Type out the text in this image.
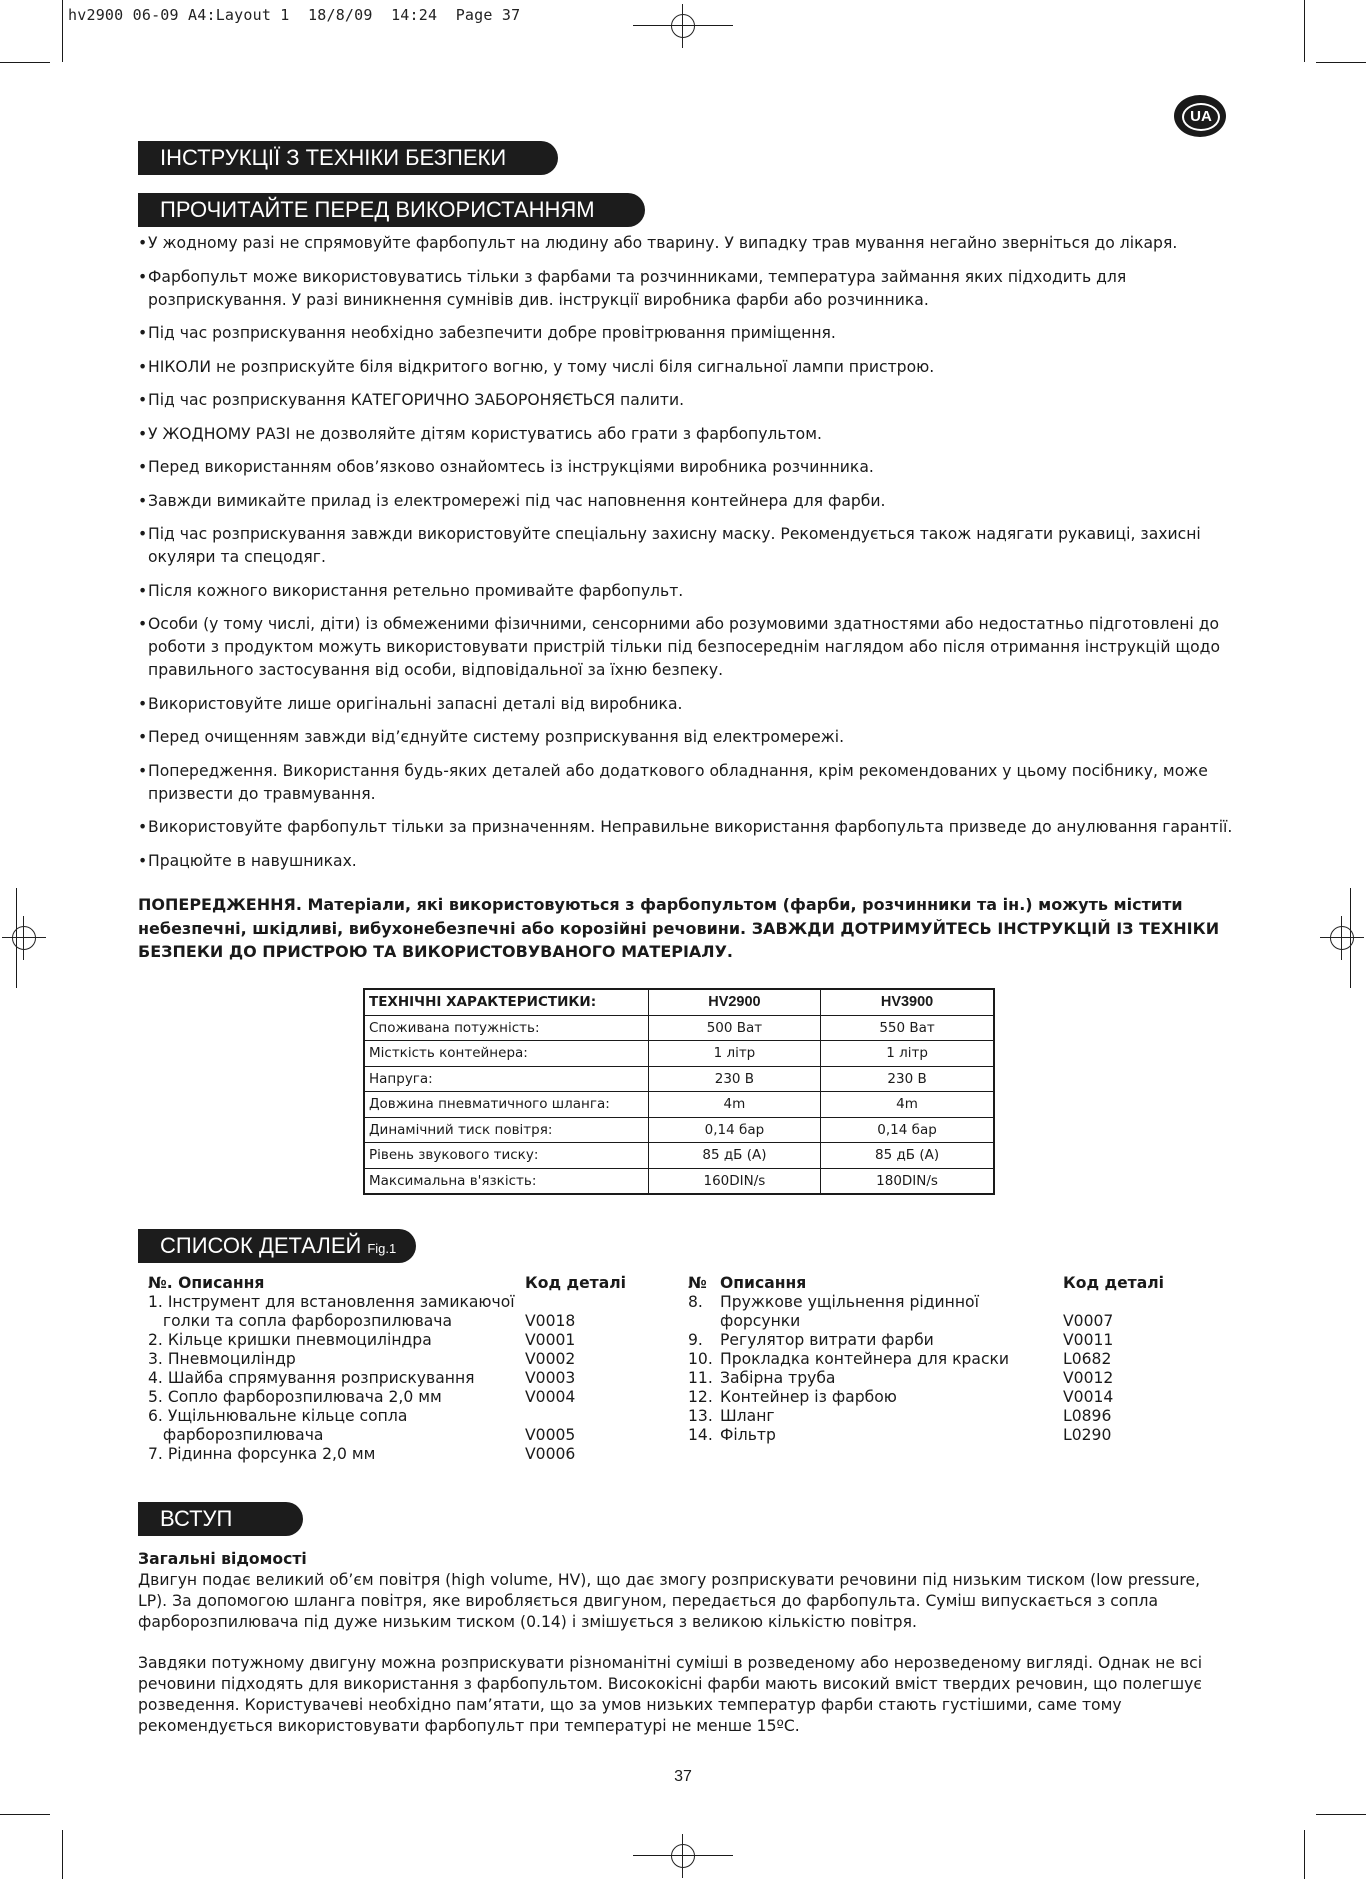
hv2900 06-09 A4:Layout 1  18/8/09  14:24  Page 37
UA
ІНСТРУКЦІЇ З ТЕХНІКИ БЕЗПЕКИ
ПРОЧИТАЙТЕ ПЕРЕД ВИКОРИСТАННЯМ
• У жодному разі не спрямовуйте фарбопульт на людину або тварину. У випадку трав мування негайно зверніться до лікаря.
• Фарбопульт може використовуватись тільки з фарбами та розчинниками, температура займання яких підходить для розприскування. У разі виникнення сумнівів див. інструкції виробника фарби або розчинника.
• Під час розприскування необхідно забезпечити добре провітрювання приміщення.
• НІКОЛИ не розприскуйте біля відкритого вогню, у тому числі біля сигнальної лампи пристрою.
• Під час розприскування КАТЕГОРИЧНО ЗАБОРОНЯЄТЬСЯ палити.
• У ЖОДНОМУ РАЗІ не дозволяйте дітям користуватись або грати з фарбопультом.
• Перед використанням обов’язково ознайомтесь із інструкціями виробника розчинника.
• Завжди вимикайте прилад із електромережі під час наповнення контейнера для фарби.
• Під час розприскування завжди використовуйте спеціальну захисну маску. Рекомендується також надягати рукавиці, захисні окуляри та спецодяг.
• Після кожного використання ретельно промивайте фарбопульт.
• Особи (у тому числі, діти) із обмеженими фізичними, сенсорними або розумовими здатностями або недостатньо підготовлені до роботи з продуктом можуть використовувати пристрій тільки під безпосереднім наглядом або після отримання інструкцій щодо правильного застосування від особи, відповідальної за їхню безпеку.
• Використовуйте лише оригінальні запасні деталі від виробника.
• Перед очищенням завжди від’єднуйте систему розприскування від електромережі.
• Попередження. Використання будь-яких деталей або додаткового обладнання, крім рекомендованих у цьому посібнику, може призвести до травмування.
• Використовуйте фарбопульт тільки за призначенням. Неправильне використання фарбопульта призведе до анулювання гарантії.
• Працюйте в навушниках.
ПОПЕРЕДЖЕННЯ. Матеріали, які використовуються з фарбопультом (фарби, розчинники та ін.) можуть містити небезпечні, шкідливі, вибухонебезпечні або корозійні речовини. ЗАВЖДИ ДОТРИМУЙТЕСЬ ІНСТРУКЦІЙ ІЗ ТЕХНІКИ БЕЗПЕКИ ДО ПРИСТРОЮ ТА ВИКОРИСТОВУВАНОГО МАТЕРІАЛУ.
ТЕХНІЧНІ ХАРАКТЕРИСТИКИ:	HV2900	HV3900
Споживана потужність:	500 Ват	550 Ват
Місткість контейнера:	1 літр	1 літр
Напруга:	230 В	230 В
Довжина пневматичного шланга:	4m	4m
Динамічний тиск повітря:	0,14 бар	0,14 бар
Рівень звукового тиску:	85 дБ (А)	85 дБ (А)
Максимальна в'язкість:	160DIN/s	180DIN/s
СПИСОК ДЕТАЛЕЙ Fig.1
№. Описання	Код деталі
1. Інструмент для встановлення замикаючої	
голки та сопла фарборозпилювача	V0018
2. Кільце кришки пневмоциліндра	V0001
3. Пневмоциліндр	V0002
4. Шайба спрямування розприскування	V0003
5. Сопло фарборозпилювача 2,0 мм	V0004
6. Ущільнювальне кільце сопла	
фарборозпилювача	V0005
7. Рідинна форсунка 2,0 мм	V0006
№	Описання	Код деталі
8.	Пружкове ущільнення рідинної	
	форсунки	V0007
9.	Регулятор витрати фарби	V0011
10.	Прокладка контейнера для краски	L0682
11.	Забірна труба	V0012
12.	Контейнер із фарбою	V0014
13.	Шланг	L0896
14.	Фільтр	L0290
ВСТУП
Загальні відомості

Двигун подає великий об’єм повітря (high volume, HV), що дає змогу розприскувати речовини під низьким тиском (low pressure, LP). За допомогою шланга повітря, яке виробляється двигуном, передається до фарбопульта. Суміш випускається з сопла фарборозпилювача під дуже низьким тиском (0.14) і змішується з великою кількістю повітря.

Завдяки потужному двигуну можна розприскувати різноманітні суміші в розведеному або нерозведеному вигляді. Однак не всі речовини підходять для використання з фарбопультом. Висококісні фарби мають високий вміст твердих речовин, що полегшує розведення. Користувачеві необхідно пам’ятати, що за умов низьких температур фарби стають густішими, саме тому рекомендується використовувати фарбопульт при температурі не менше 15ºC.

37
